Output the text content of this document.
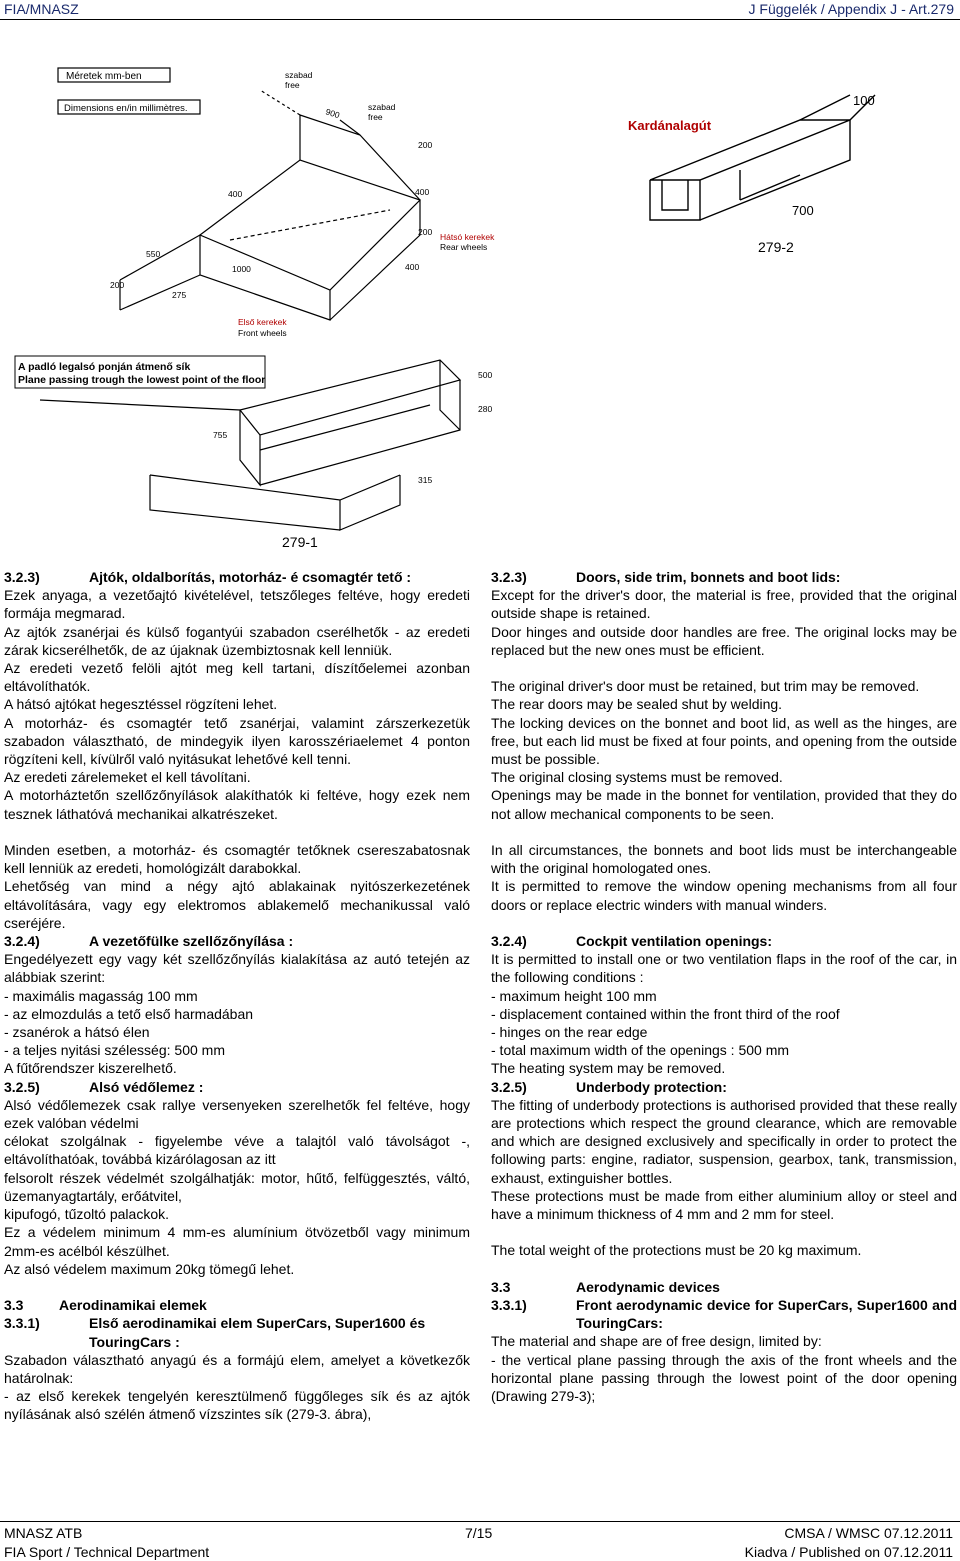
FIA/MNASZ	J Függelék / Appendix J - Art.279
Méretek mm-ben
Dimensions en/in millimètres.
szabad
free
900	szabad
free
200
400	400
200
400
550
1000
200
275
Hátsó kerekek
Rear wheels
Első kerekek
Front wheels
Kardánalagút
100
700
279-2
A padló legalsó ponján átmenő sík
Plane passing trough the lowest point of the floor	500
280
755
315
279-1
3.2.3)	Ajtók, oldalborítás, motorház- é csomagtér tető :

Ezek anyaga, a vezetőajtó kivételével, tetszőleges feltéve, hogy eredeti formája megmarad.

Az ajtók zsanérjai és külső fogantyúi szabadon cserélhetők - az eredeti zárak kicserélhetők, de az újaknak üzembiztosnak kell lenniük.

Az eredeti vezető felöli ajtót meg kell tartani, díszítőelemei azonban eltávolíthatók.

A hátsó ajtókat hegesztéssel rögzíteni lehet.

A motorház- és csomagtér tető zsanérjai, valamint zárszerkezetük szabadon választható, de mindegyik ilyen karosszériaelemet 4 ponton rögzíteni kell, kívülről való nyitásukat lehetővé kell tenni.

Az eredeti zárelemeket el kell távolítani.

A motorháztetőn szellőzőnyílások alakíthatók ki feltéve, hogy ezek nem tesznek láthatóvá mechanikai alkatrészeket.

Minden esetben, a motorház- és csomagtér tetőknek csereszabatosnak kell lenniük az eredeti, homológizált darabokkal.

Lehetőség van mind a négy ajtó ablakainak nyitószerkezetének eltávolítására, vagy egy elektromos ablakemelő mechanikussal való cseréjére.

3.2.4)	A vezetőfülke szellőzőnyílása :

Engedélyezett egy vagy két szellőzőnyílás kialakítása az autó tetején az alábbiak szerint:

- maximális magasság 100 mm

- az elmozdulás a tető első harmadában

- zsanérok a hátsó élen

- a teljes nyitási szélesség: 500 mm

A fűtőrendszer kiszerelhető.

3.2.5)	Alsó védőlemez :

Alsó védőlemezek csak rallye versenyeken szerelhetők fel feltéve, hogy ezek valóban védelmi

célokat szolgálnak - figyelembe véve a talajtól való távolságot -, eltávolíthatóak, továbbá kizárólagosan az itt

felsorolt részek védelmét szolgálhatják: motor, hűtő, felfüggesztés, váltó, üzemanyagtartály, erőátvitel,

kipufogó, tűzoltó palackok.

Ez a védelem minimum 4 mm-es alumínium ötvözetből vagy minimum 2mm-es acélból készülhet.

Az alsó védelem maximum 20kg tömegű lehet.

3.3	Aerodinamikai elemek
3.3.1)	Első aerodinamikai elem SuperCars, Super1600 és TouringCars :

Szabadon választható anyagú és a formájú elem, amelyet a következők határolnak:

- az első kerekek tengelyén keresztülmenő függőleges sík és az ajtók nyílásának alsó szélén átmenő vízszintes sík (279-3. ábra),

3.2.3)	Doors, side trim, bonnets and boot lids:

Except for the driver's door, the material is free, provided that the original outside shape is retained.

Door hinges and outside door handles are free. The original locks may be replaced but the new ones must be efficient.

The original driver's door must be retained, but trim may be removed.

The rear doors may be sealed shut by welding.

The locking devices on the bonnet and boot lid, as well as the hinges, are free, but each lid must be fixed at four points, and opening from the outside must be possible.

The original closing systems must be removed.

Openings may be made in the bonnet for ventilation, provided that they do not allow mechanical components to be seen.

In all circumstances, the bonnets and boot lids must be interchangeable with the original homologated ones.

It is permitted to remove the window opening mechanisms from all four doors or replace electric winders with manual winders.

3.2.4)	Cockpit ventilation openings:

It is permitted to install one or two ventilation flaps in the roof of the car, in the following conditions :

- maximum height 100 mm

- displacement contained within the front third of the roof

- hinges on the rear edge

- total maximum width of the openings : 500 mm

The heating system may be removed.

3.2.5)	Underbody protection:

The fitting of underbody protections is authorised provided that these really are protections which respect the ground clearance, which are removable and which are designed exclusively and specifically in order to protect the following parts: engine, radiator, suspension, gearbox, tank, transmission, exhaust, extinguisher bottles.

These protections must be made from either aluminium alloy or steel and have a minimum thickness of 4 mm and 2 mm for steel.

The total weight of the protections must be 20 kg maximum.

3.3	Aerodynamic devices
3.3.1)	Front aerodynamic device for SuperCars, Super1600 and TouringCars:

The material and shape are of free design, limited by:

- the vertical plane passing through the axis of the front wheels and the horizontal plane passing through the lowest point of the door opening (Drawing 279-3);

MNASZ ATB
FIA Sport / Technical Department
7/15	CMSA / WMSC 07.12.2011
Kiadva / Published on 07.12.2011
